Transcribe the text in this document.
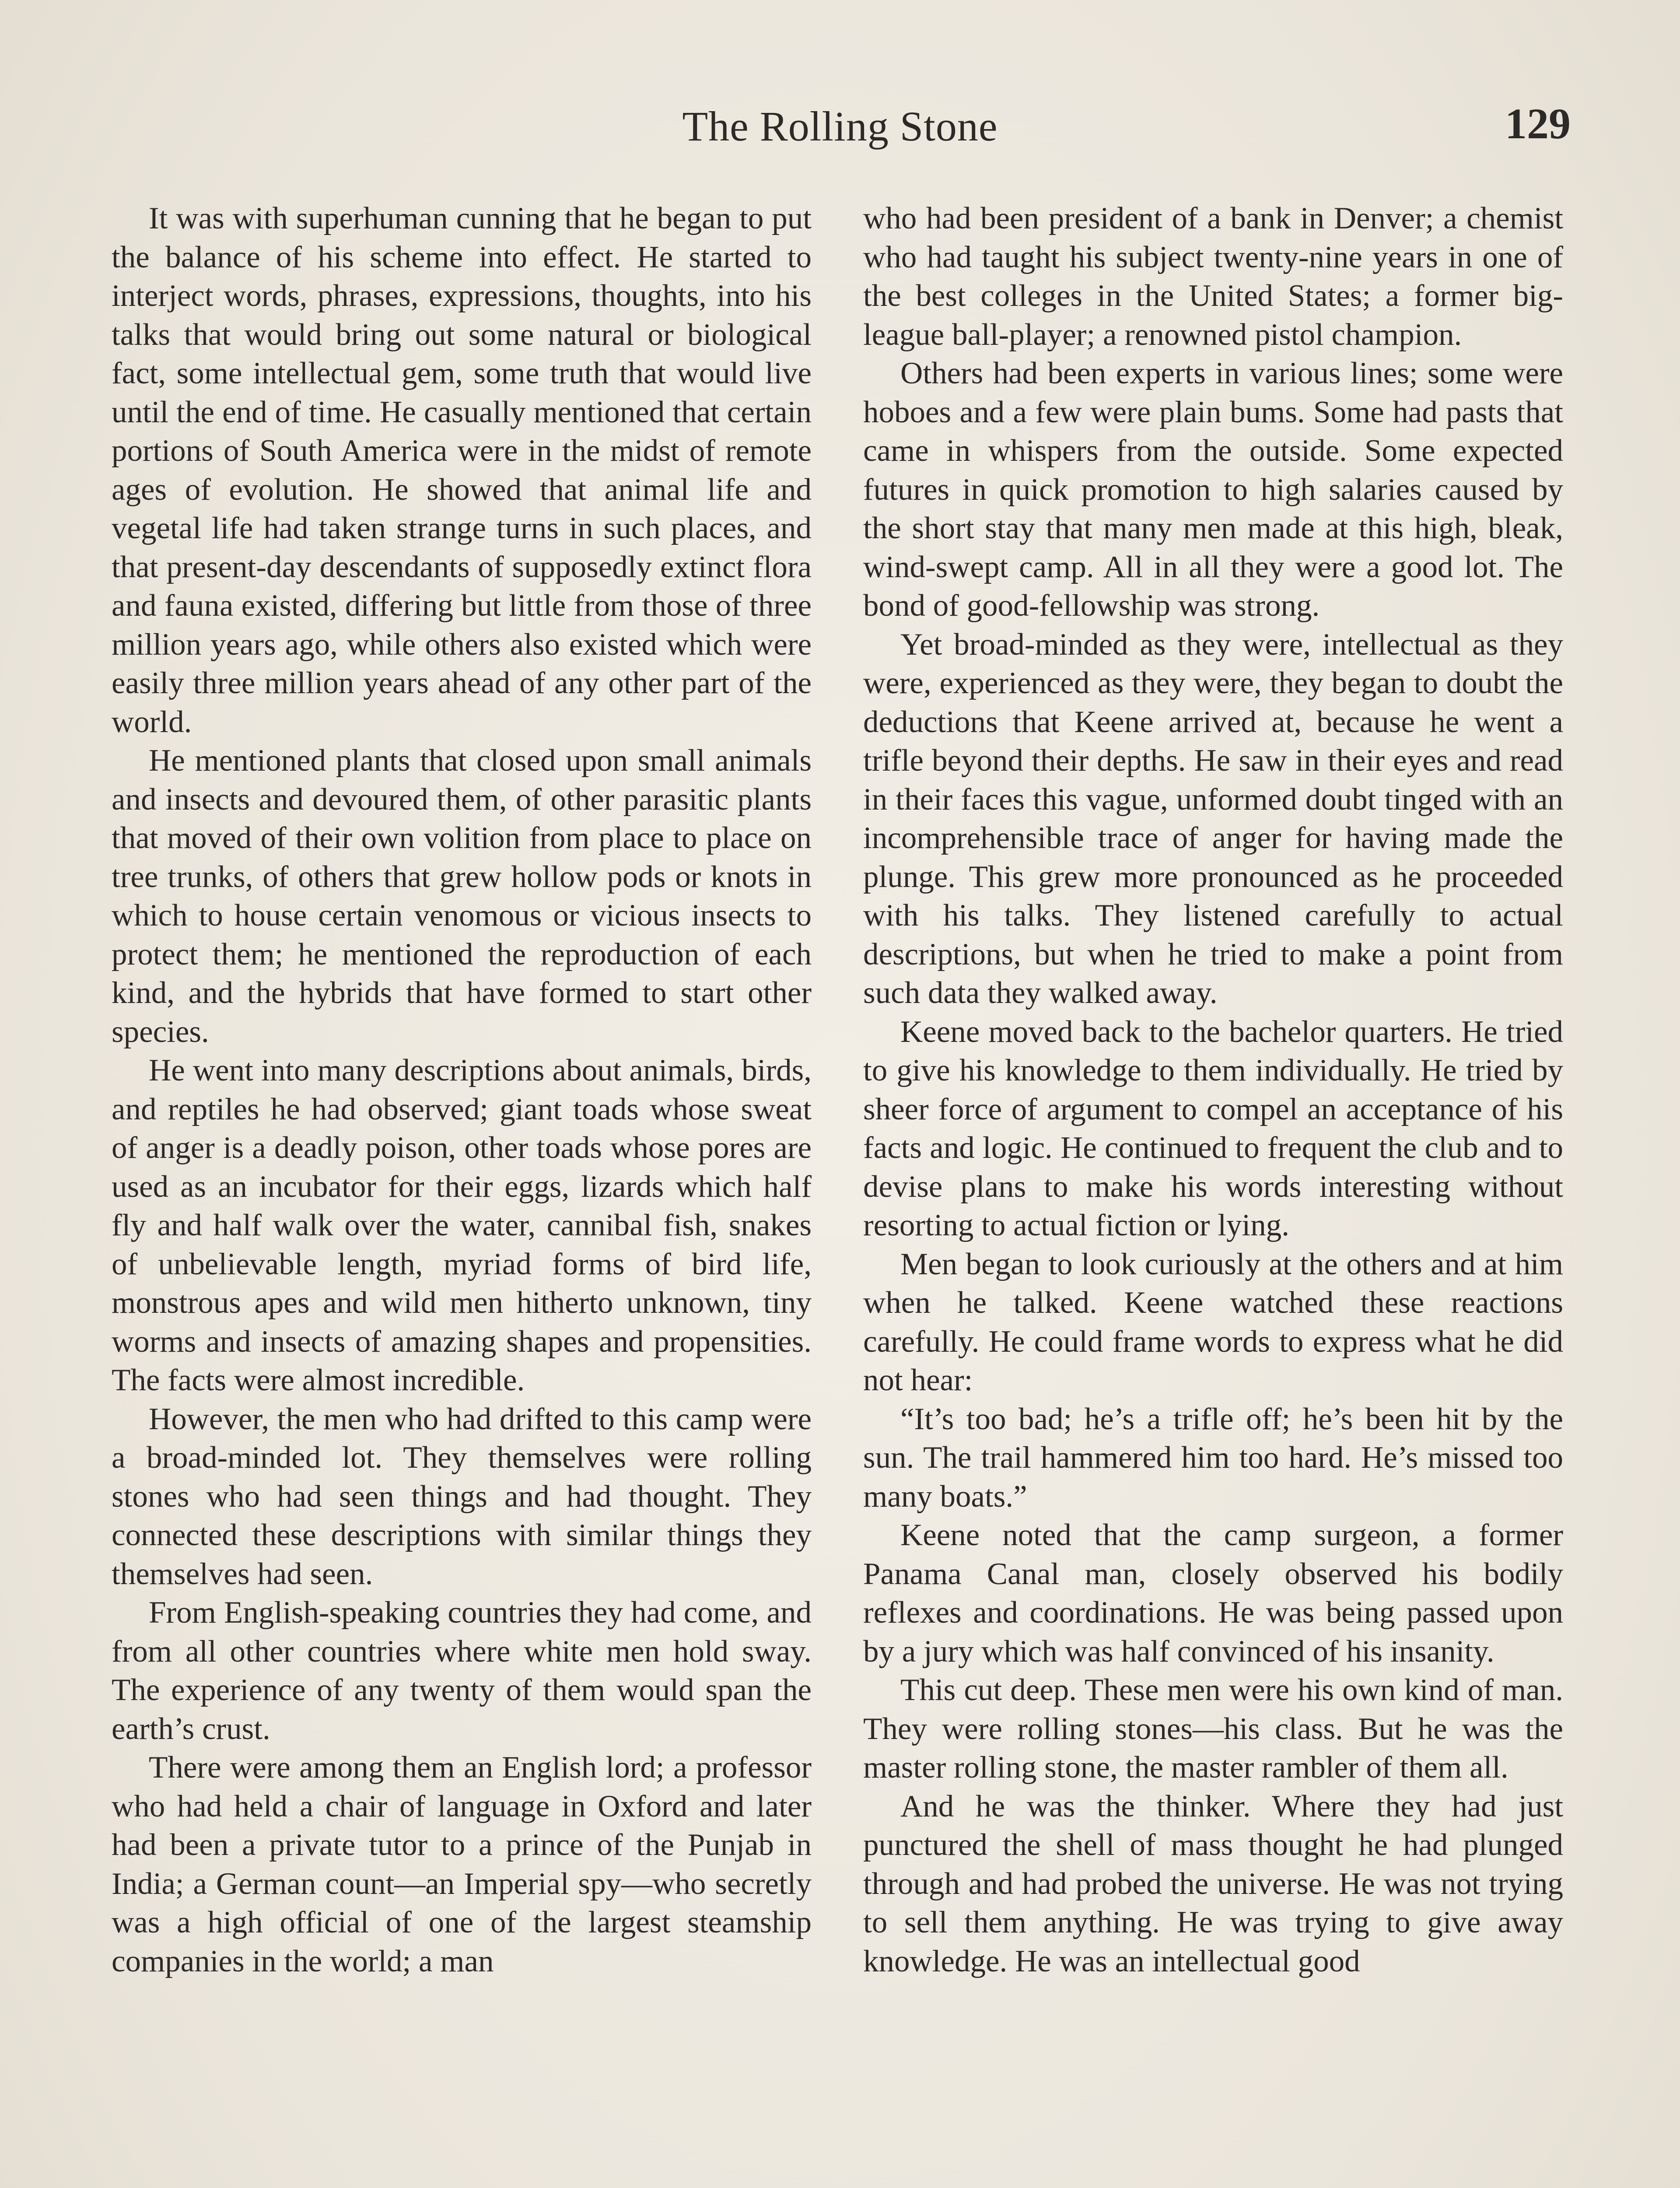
The Rolling Stone	129

It was with superhuman cunning that he began to put the balance of his scheme into effect. He started to interject words, phrases, expressions, thoughts, into his talks that would bring out some natural or biological fact, some intellectual gem, some truth that would live until the end of time. He casually mentioned that certain portions of South America were in the midst of remote ages of evolution. He showed that animal life and vegetal life had taken strange turns in such places, and that present-day descendants of supposedly extinct flora and fauna existed, differing but little from those of three million years ago, while others also existed which were easily three million years ahead of any other part of the world.

He mentioned plants that closed upon small animals and insects and devoured them, of other parasitic plants that moved of their own volition from place to place on tree trunks, of others that grew hollow pods or knots in which to house certain venomous or vicious insects to protect them; he mentioned the reproduction of each kind, and the hybrids that have formed to start other species.

He went into many descriptions about animals, birds, and reptiles he had observed; giant toads whose sweat of anger is a deadly poison, other toads whose pores are used as an incubator for their eggs, lizards which half fly and half walk over the water, cannibal fish, snakes of unbelievable length, myriad forms of bird life, monstrous apes and wild men hitherto unknown, tiny worms and insects of amazing shapes and propensities. The facts were almost incredible.

However, the men who had drifted to this camp were a broad-minded lot. They themselves were rolling stones who had seen things and had thought. They connected these descriptions with similar things they themselves had seen.

From English-speaking countries they had come, and from all other countries where white men hold sway. The experience of any twenty of them would span the earth’s crust.

There were among them an English lord; a professor who had held a chair of language in Oxford and later had been a private tutor to a prince of the Punjab in India; a German count—an Imperial spy—who secretly was a high official of one of the largest steamship companies in the world; a man

who had been president of a bank in Denver; a chemist who had taught his subject twenty-nine years in one of the best colleges in the United States; a former big-league ball-player; a renowned pistol champion.

Others had been experts in various lines; some were hoboes and a few were plain bums. Some had pasts that came in whispers from the outside. Some expected futures in quick promotion to high salaries caused by the short stay that many men made at this high, bleak, wind-swept camp. All in all they were a good lot. The bond of good-fellowship was strong.

Yet broad-minded as they were, intellectual as they were, experienced as they were, they began to doubt the deductions that Keene arrived at, because he went a trifle beyond their depths. He saw in their eyes and read in their faces this vague, unformed doubt tinged with an incomprehensible trace of anger for having made the plunge. This grew more pronounced as he proceeded with his talks. They listened carefully to actual descriptions, but when he tried to make a point from such data they walked away.

Keene moved back to the bachelor quarters. He tried to give his knowledge to them individually. He tried by sheer force of argument to compel an acceptance of his facts and logic. He continued to frequent the club and to devise plans to make his words interesting without resorting to actual fiction or lying.

Men began to look curiously at the others and at him when he talked. Keene watched these reactions carefully. He could frame words to express what he did not hear:

“It’s too bad; he’s a trifle off; he’s been hit by the sun. The trail hammered him too hard. He’s missed too many boats.”

Keene noted that the camp surgeon, a former Panama Canal man, closely observed his bodily reflexes and coordinations. He was being passed upon by a jury which was half convinced of his insanity.

This cut deep. These men were his own kind of man. They were rolling stones—his class. But he was the master rolling stone, the master rambler of them all.

And he was the thinker. Where they had just punctured the shell of mass thought he had plunged through and had probed the universe. He was not trying to sell them anything. He was trying to give away knowledge. He was an intellectual good
